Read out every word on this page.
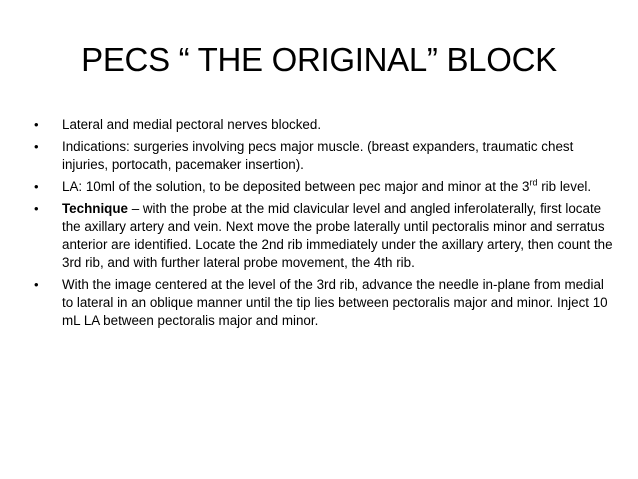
PECS “ THE ORIGINAL” BLOCK
•	Lateral and medial pectoral nerves blocked.
•	Indications: surgeries involving pecs major muscle. (breast expanders, traumatic chest injuries, portocath, pacemaker insertion).
•	LA: 10ml of the solution, to be deposited between pec major and minor at the 3rd rib level.
•	Technique – with the probe at the mid clavicular level and angled inferolaterally, first locate the axillary artery and vein. Next move the probe laterally until pectoralis minor and serratus anterior are identified. Locate the 2nd rib immediately under the axillary artery, then count the 3rd rib, and with further lateral probe movement, the 4th rib.
•	With the image centered at the level of the 3rd rib, advance the needle in-plane from medial to lateral in an oblique manner until the tip lies between pectoralis major and minor. Inject 10 mL LA between pectoralis major and minor.
